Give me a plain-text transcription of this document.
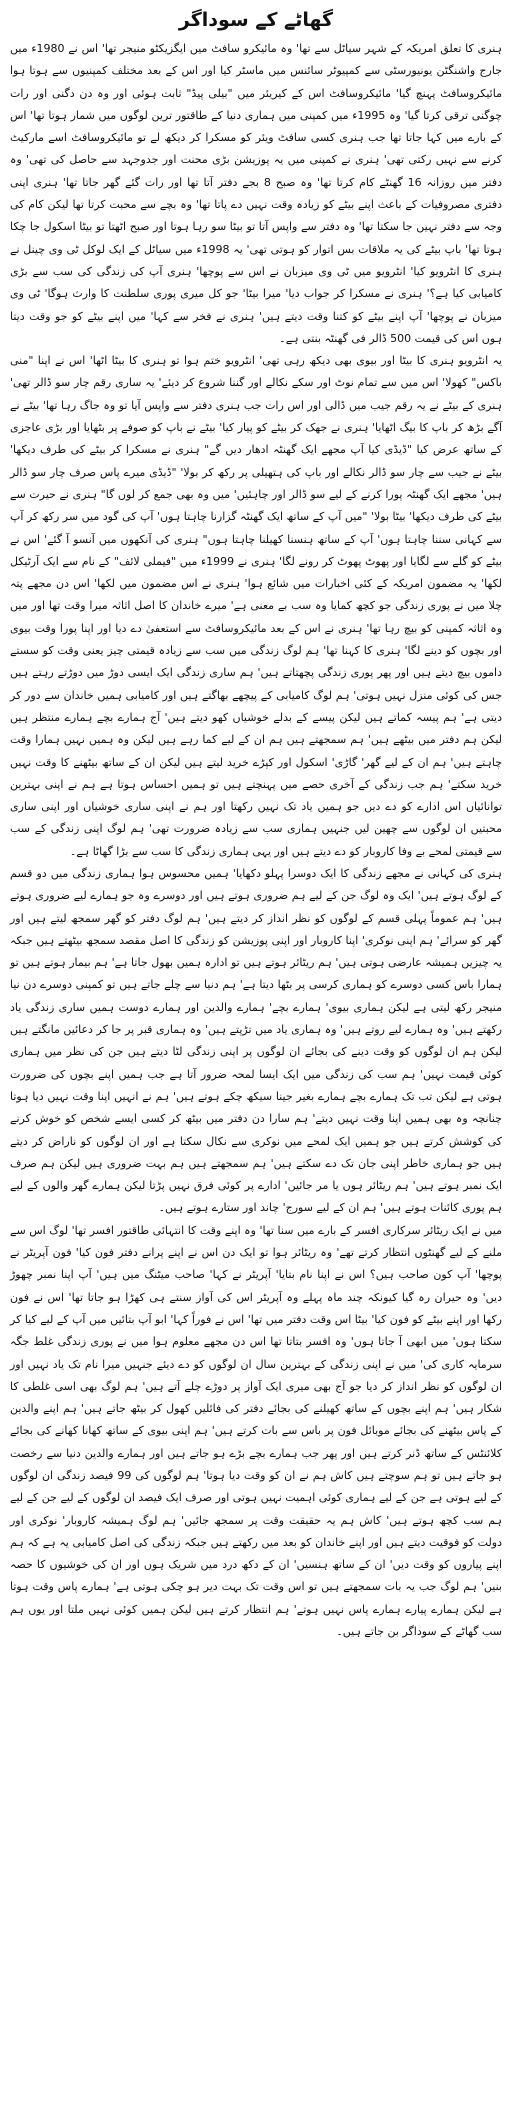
گھاٹے کے سوداگر

ہنری کا تعلق امریکہ کے شہر سیاٹل سے تھا' وہ مائیکرو سافٹ میں ایگزیکٹو منیجر تھا' اس نے 1980ء میں جارج واشنگٹن یونیورسٹی سے کمپیوٹر سائنس میں ماسٹر کیا اور اس کے بعد مختلف کمپنیوں سے ہوتا ہوا مائیکروسافٹ پہنچ گیا' مائیکروسافٹ اس کے کیریئر میں "بیلی پیڈ" ثابت ہوئی اور وہ دن دگنی اور رات چوگنی ترقی کرتا گیا' وہ 1995ء میں کمپنی میں ہماری دنیا کے طاقتور ترین لوگوں میں شمار ہوتا تھا' اس کے بارے میں کہا جاتا تھا جب ہنری کسی سافٹ ویئر کو مسکرا کر دیکھ لے تو مائیکروسافٹ اسے مارکیٹ کرنے سے نہیں رکتی تھی' ہنری نے کمپنی میں یہ پوزیشن بڑی محنت اور جدوجہد سے حاصل کی تھی' وہ دفتر میں روزانہ 16 گھنٹے کام کرتا تھا' وہ صبح 8 بجے دفتر آتا تھا اور رات گئے گھر جاتا تھا' ہنری اپنی دفتری مصروفیات کے باعث اپنے بیٹے کو زیادہ وقت نہیں دے پاتا تھا' وہ بچے سے محبت کرتا تھا لیکن کام کی وجہ سے دفتر نہیں جا سکتا تھا' وہ دفتر سے واپس آتا تو بیٹا سو رہا ہوتا اور صبح اٹھتا تو بیٹا اسکول جا چکا ہوتا تھا' باپ بیٹے کی یہ ملاقات بس اتوار کو ہوتی تھی' یہ 1998ء میں سیاٹل کے ایک لوکل ٹی وی چینل نے ہنری کا انٹرویو کیا' انٹرویو میں ٹی وی میزبان نے اس سے پوچھا' ہنری آپ کی زندگی کی سب سے بڑی کامیابی کیا ہے؟' ہنری نے مسکرا کر جواب دیا' میرا بیٹا' جو کل میری پوری سلطنت کا وارث ہوگا' ٹی وی میزبان نے پوچھا' آپ اپنے بیٹے کو کتنا وقت دیتے ہیں' ہنری نے فخر سے کہا' میں اپنے بیٹے کو جو وقت دیتا ہوں اس کی قیمت 500 ڈالر فی گھنٹہ بنتی ہے۔

یہ انٹرویو ہنری کا بیٹا اور بیوی بھی دیکھ رہی تھی' انٹرویو ختم ہوا تو ہنری کا بیٹا اٹھا' اس نے اپنا "منی باکس" کھولا' اس میں سے تمام نوٹ اور سکے نکالے اور گننا شروع کر دیئے' یہ ساری رقم چار سو ڈالر تھی' ہنری کے بیٹے نے یہ رقم جیب میں ڈالی اور اس رات جب ہنری دفتر سے واپس آیا تو وہ جاگ رہا تھا' بیٹے نے آگے بڑھ کر باپ کا بیگ اٹھایا' ہنری نے جھک کر بیٹے کو پیار کیا' بیٹے نے باپ کو صوفے پر بٹھایا اور بڑی عاجزی کے ساتھ عرض کیا "ڈیڈی کیا آپ مجھے ایک گھنٹہ ادھار دیں گے" ہنری نے مسکرا کر بیٹے کی طرف دیکھا' بیٹے نے جیب سے چار سو ڈالر نکالے اور باپ کی ہتھیلی پر رکھ کر بولا' "ڈیڈی میرے پاس صرف چار سو ڈالر ہیں' مجھے ایک گھنٹہ پورا کرنے کے لیے سو ڈالر اور چاہئیں' میں وہ بھی جمع کر لوں گا" ہنری نے حیرت سے بیٹے کی طرف دیکھا' بیٹا بولا' "میں آپ کے ساتھ ایک گھنٹہ گزارنا چاہتا ہوں' آپ کی گود میں سر رکھ کر آپ سے کہانی سننا چاہتا ہوں' آپ کے ساتھ ہنسنا کھیلنا چاہتا ہوں" ہنری کی آنکھوں میں آنسو آ گئے' اس نے بیٹے کو گلے سے لگایا اور پھوٹ پھوٹ کر رونے لگا' ہنری نے 1999ء میں "فیملی لائف" کے نام سے ایک آرٹیکل لکھا' یہ مضمون امریکہ کے کئی اخبارات میں شائع ہوا' ہنری نے اس مضمون میں لکھا' اس دن مجھے پتہ چلا میں نے پوری زندگی جو کچھ کمایا وہ سب بے معنی ہے' میرے خاندان کا اصل اثاثہ میرا وقت تھا اور میں وہ اثاثہ کمپنی کو بیچ رہا تھا' ہنری نے اس کے بعد مائیکروسافٹ سے استعفیٰ دے دیا اور اپنا پورا وقت بیوی اور بچوں کو دینے لگا' ہنری کا کہنا تھا' ہم لوگ زندگی میں سب سے زیادہ قیمتی چیز یعنی وقت کو سستے داموں بیچ دیتے ہیں اور پھر پوری زندگی پچھتاتے ہیں' ہم ساری زندگی ایک ایسی دوڑ میں دوڑتے رہتے ہیں جس کی کوئی منزل نہیں ہوتی' ہم لوگ کامیابی کے پیچھے بھاگتے ہیں اور کامیابی ہمیں خاندان سے دور کر دیتی ہے' ہم پیسہ کماتے ہیں لیکن پیسے کے بدلے خوشیاں کھو دیتے ہیں' آج ہمارے بچے ہمارے منتظر ہیں لیکن ہم دفتر میں بیٹھے ہیں' ہم سمجھتے ہیں ہم ان کے لیے کما رہے ہیں لیکن وہ ہمیں نہیں ہمارا وقت چاہتے ہیں' ہم ان کے لیے گھر' گاڑی' اسکول اور کپڑے خرید لیتے ہیں لیکن ان کے ساتھ بیٹھنے کا وقت نہیں خرید سکتے' ہم جب زندگی کے آخری حصے میں پہنچتے ہیں تو ہمیں احساس ہوتا ہے ہم نے اپنی بہترین توانائیاں اس ادارے کو دے دیں جو ہمیں یاد تک نہیں رکھتا اور ہم نے اپنی ساری خوشیاں اور اپنی ساری محبتیں ان لوگوں سے چھین لیں جنہیں ہماری سب سے زیادہ ضرورت تھی' ہم لوگ اپنی زندگی کے سب سے قیمتی لمحے بے وفا کاروبار کو دے دیتے ہیں اور یہی ہماری زندگی کا سب سے بڑا گھاٹا ہے۔

ہنری کی کہانی نے مجھے زندگی کا ایک دوسرا پہلو دکھایا' ہمیں محسوس ہوا ہماری زندگی میں دو قسم کے لوگ ہوتے ہیں' ایک وہ لوگ جن کے لیے ہم ضروری ہوتے ہیں اور دوسرے وہ جو ہمارے لیے ضروری ہوتے ہیں' ہم عموماً پہلی قسم کے لوگوں کو نظر انداز کر دیتے ہیں' ہم لوگ دفتر کو گھر سمجھ لیتے ہیں اور گھر کو سرائے' ہم اپنی نوکری' اپنا کاروبار اور اپنی پوزیشن کو زندگی کا اصل مقصد سمجھ بیٹھتے ہیں جبکہ یہ چیزیں ہمیشہ عارضی ہوتی ہیں' ہم ریٹائر ہوتے ہیں تو ادارہ ہمیں بھول جاتا ہے' ہم بیمار ہوتے ہیں تو ہمارا باس کسی دوسرے کو ہماری کرسی پر بٹھا دیتا ہے' ہم دنیا سے چلے جاتے ہیں تو کمپنی دوسرے دن نیا منیجر رکھ لیتی ہے لیکن ہماری بیوی' ہمارے بچے' ہمارے والدین اور ہمارے دوست ہمیں ساری زندگی یاد رکھتے ہیں' وہ ہمارے لیے روتے ہیں' وہ ہماری یاد میں تڑپتے ہیں' وہ ہماری قبر پر جا کر دعائیں مانگتے ہیں لیکن ہم ان لوگوں کو وقت دینے کی بجائے ان لوگوں پر اپنی زندگی لٹا دیتے ہیں جن کی نظر میں ہماری کوئی قیمت نہیں' ہم سب کی زندگی میں ایک ایسا لمحہ ضرور آتا ہے جب ہمیں اپنے بچوں کی ضرورت ہوتی ہے لیکن تب تک ہمارے بچے ہمارے بغیر جینا سیکھ چکے ہوتے ہیں' ہم نے انہیں اپنا وقت نہیں دیا ہوتا چنانچہ وہ بھی ہمیں اپنا وقت نہیں دیتے' ہم سارا دن دفتر میں بیٹھ کر کسی ایسے شخص کو خوش کرنے کی کوشش کرتے ہیں جو ہمیں ایک لمحے میں نوکری سے نکال سکتا ہے اور ان لوگوں کو ناراض کر دیتے ہیں جو ہماری خاطر اپنی جان تک دے سکتے ہیں' ہم سمجھتے ہیں ہم بہت ضروری ہیں لیکن ہم صرف ایک نمبر ہوتے ہیں' ہم ریٹائر ہوں یا مر جائیں' ادارے پر کوئی فرق نہیں پڑتا لیکن ہمارے گھر والوں کے لیے ہم پوری کائنات ہوتے ہیں' ہم ان کے لیے سورج' چاند اور ستارے ہوتے ہیں۔

میں نے ایک ریٹائر سرکاری افسر کے بارے میں سنا تھا' وہ اپنے وقت کا انتہائی طاقتور افسر تھا' لوگ اس سے ملنے کے لیے گھنٹوں انتظار کرتے تھے' وہ ریٹائر ہوا تو ایک دن اس نے اپنے پرانے دفتر فون کیا' فون آپریٹر نے پوچھا' آپ کون صاحب ہیں؟ اس نے اپنا نام بتایا' آپریٹر نے کہا' صاحب میٹنگ میں ہیں' آپ اپنا نمبر چھوڑ دیں' وہ حیران رہ گیا کیونکہ چند ماہ پہلے وہ آپریٹر اس کی آواز سنتے ہی کھڑا ہو جاتا تھا' اس نے فون رکھا اور اپنے بیٹے کو فون کیا' بیٹا اس وقت دفتر میں تھا' اس نے فوراً کہا' ابو آپ بتائیں میں آپ کے لیے کیا کر سکتا ہوں' میں ابھی آ جاتا ہوں' وہ افسر بتاتا تھا اس دن مجھے معلوم ہوا میں نے پوری زندگی غلط جگہ سرمایہ کاری کی' میں نے اپنی زندگی کے بہترین سال ان لوگوں کو دے دیئے جنہیں میرا نام تک یاد نہیں اور ان لوگوں کو نظر انداز کر دیا جو آج بھی میری ایک آواز پر دوڑے چلے آتے ہیں' ہم لوگ بھی اسی غلطی کا شکار ہیں' ہم اپنے بچوں کے ساتھ کھیلنے کی بجائے دفتر کی فائلیں کھول کر بیٹھ جاتے ہیں' ہم اپنے والدین کے پاس بیٹھنے کی بجائے موبائل فون پر باس سے بات کرتے ہیں' ہم اپنی بیوی کے ساتھ کھانا کھانے کی بجائے کلائنٹس کے ساتھ ڈنر کرتے ہیں اور پھر جب ہمارے بچے بڑے ہو جاتے ہیں اور ہمارے والدین دنیا سے رخصت ہو جاتے ہیں تو ہم سوچتے ہیں کاش ہم نے ان کو وقت دیا ہوتا' ہم لوگوں کی 99 فیصد زندگی ان لوگوں کے لیے ہوتی ہے جن کے لیے ہماری کوئی اہمیت نہیں ہوتی اور صرف ایک فیصد ان لوگوں کے لیے جن کے لیے ہم سب کچھ ہوتے ہیں' کاش ہم یہ حقیقت وقت پر سمجھ جائیں' ہم لوگ ہمیشہ کاروبار' نوکری اور دولت کو فوقیت دیتے ہیں اور اپنے خاندان کو بعد میں رکھتے ہیں جبکہ زندگی کی اصل کامیابی یہ ہے کہ ہم اپنے پیاروں کو وقت دیں' ان کے ساتھ ہنسیں' ان کے دکھ درد میں شریک ہوں اور ان کی خوشیوں کا حصہ بنیں' ہم لوگ جب یہ بات سمجھتے ہیں تو اس وقت تک بہت دیر ہو چکی ہوتی ہے' ہمارے پاس وقت ہوتا ہے لیکن ہمارے پیارے ہمارے پاس نہیں ہوتے' ہم انتظار کرتے ہیں لیکن ہمیں کوئی نہیں ملتا اور یوں ہم سب گھاٹے کے سوداگر بن جاتے ہیں۔
